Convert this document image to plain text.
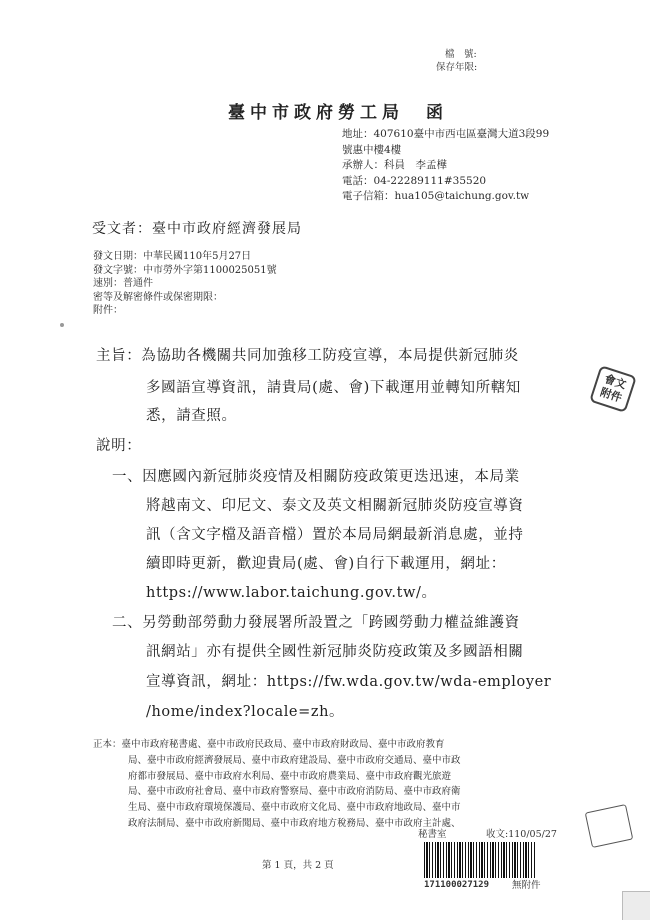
檔　號:
保存年限:
臺中市政府勞工局　函
地址：407610臺中市西屯區臺灣大道3段99
號惠中樓4樓
承辦人：科員　李孟樺
電話：04-22289111#35520
電子信箱：hua105@taichung.gov.tw
受文者：臺中市政府經濟發展局
發文日期：中華民國110年5月27日
發文字號：中市勞外字第1100025051號
速別：普通件
密等及解密條件或保密期限：
附件：
主旨：為協助各機關共同加強移工防疫宣導，本局提供新冠肺炎
多國語宣導資訊，請貴局(處、會)下載運用並轉知所轄知
悉，請查照。
會文
附件
說明：
一、因應國內新冠肺炎疫情及相關防疫政策更迭迅速，本局業
將越南文、印尼文、泰文及英文相關新冠肺炎防疫宣導資
訊（含文字檔及語音檔）置於本局局網最新消息處，並持
續即時更新，歡迎貴局(處、會)自行下載運用，網址：
https://www.labor.taichung.gov.tw/。
二、另勞動部勞動力發展署所設置之「跨國勞動力權益維護資
訊網站」亦有提供全國性新冠肺炎防疫政策及多國語相關
宣導資訊，網址：https://fw.wda.gov.tw/wda-employer
/home/index?locale=zh。
正本：臺中市政府秘書處、臺中市政府民政局、臺中市政府財政局、臺中市政府教育
局、臺中市政府經濟發展局、臺中市政府建設局、臺中市政府交通局、臺中市政
府都市發展局、臺中市政府水利局、臺中市政府農業局、臺中市政府觀光旅遊
局、臺中市政府社會局、臺中市政府警察局、臺中市政府消防局、臺中市政府衛
生局、臺中市政府環境保護局、臺中市政府文化局、臺中市政府地政局、臺中市
政府法制局、臺中市政府新聞局、臺中市政府地方稅務局、臺中市政府主計處、
秘書室	收文:110/05/27
171100027129 無附件
第 1 頁，共 2 頁
